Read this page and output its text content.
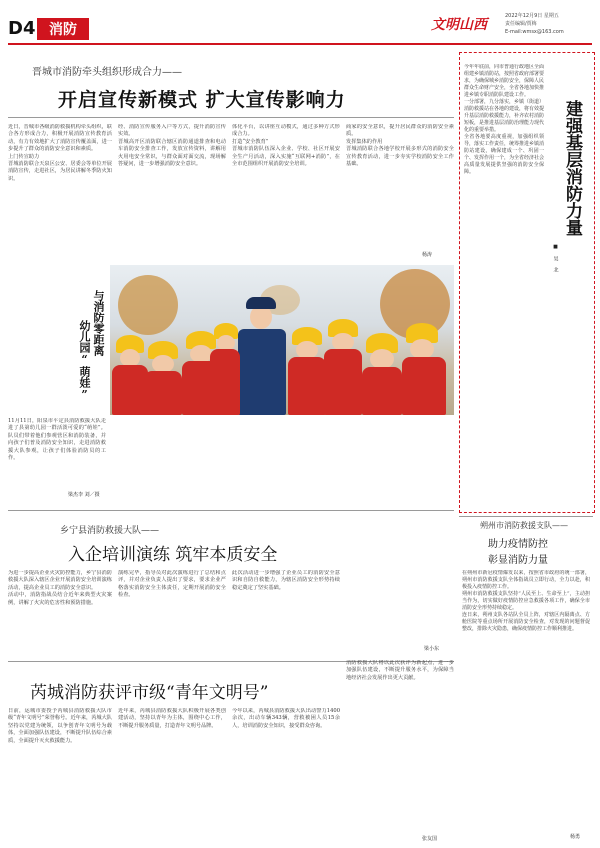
D4 消防	文明山西
2022年12月9日 星期五
责任编辑/贾梅
E-mail:wmsx@163.com
晋城市消防牵头组织形成合力——
开启宣传新模式 扩大宣传影响力
近日，晋城市各级消防救援机构牵头组织，联合各方形成合力，积极开展消防宣传教育活动，有力有效地扩大了消防宣传覆盖面，进一步提升了群众的消防安全意识和素质。
上门传宣助力
晋城消防联合天泉区公安、居委会等单位开展消防宣传，走进社区，为居民讲解冬季防火知识。
经、消防宣传服务入户等方式，提升消防宣传实效。
晋城高开区消防联合辖区消防通道排查和电动车消防安全排查工作，发放宣传资料，讲解用火用电安全常识，与群众面对面交流，现场解答疑问，进一步增强消防安全意识。
体化平台，以讲座互动模式，通过多种方式形成合力。
打造“安全教育”
晋城市消防队伍深入企业、学校、社区开展安全生产月活动，深入实施“互联网+消防”，在全市范围组织开展消防安全培训。
商家的安全意识，提升居民群众的消防安全素质。
发挥集体的作用
晋城消防联合各地学校开展多形式的消防安全宣传教育活动，进一步夯实学校消防安全工作基础。
杨涛
与消防零距离
幼儿园“萌娃”
11月11日，阳泉市平定县消防救援大队走进了县第幼儿园一群活泼可爱的“萌娃”。队员们带着他们参观营区和消防装备，并向孩子们普及消防安全知识，走进消防救援大队参观，让孩子们体验消防员的工作。
梁杰李 刘／摄
乡宁县消防救援大队——
入企培训演练 筑牢本质安全
为进一步提高企业火灾防控能力，乡宁县消防救援大队深入辖区企业开展消防安全培训演练活动，提高企业员工的消防安全意识。
活动中，消防指战员结合近年来典型火灾案例，讲解了火灾的危害性和预防措施。
演练完毕，指导员对此次演练进行了总结和点评，并对企业负责人提出了要求，要求企业严格落实消防安全主体责任，定期开展消防安全检查。
此次活动进一步增强了企业员工的消防安全意识和自防自救能力，为辖区消防安全形势持续稳定奠定了坚实基础。
梁小东
芮城消防获评市级“青年文明号”
日前，运城市委授予芮城县消防救援大队市级“青年文明号”荣誉称号。近年来，芮城大队坚持以党建为统领，以争创青年文明号为载体，全面加强队伍建设，不断提升队伍综合素质，全面提升灭火救援能力。
近年来，芮城县消防救援大队积极开展各类创建活动，坚持以青年为主体，围绕中心工作，不断提升服务质量，打造青年文明号品牌。
今年以来，芮城县消防救援大队出动警力1400余次，出动车辆343辆，营救被困人员15余人，培训消防安全知识，接受群众咨询。
消防救援大队将以此次获评为新起点，进一步加强队伍建设，不断提升服务水平，为保障当地经济社会发展作出更大贡献。
张友国
建强基层消防力量
■ 昊 北
今年年底前，同市普通行政地区全面组建乡镇消防站，按照省政府部署要求，为确保城乡消防安全，保障人民群众生命财产安全，全省各地加快推进乡镇专职消防队建设工作。
一分部署，九分落实，乡镇（街道）消防救援站在各地的建设，将有效提升基层消防救援能力，补齐农村消防短板，是推进基层消防治理能力现代化的重要举措。
全省各地要高度重视，加强组织领导，落实工作责任，统筹推进乡镇消防站建设，确保建成一个、巩固一个、发挥作用一个，为全省经济社会高质量发展提供坚强的消防安全保障。
朔州市消防救援支队——
助力疫情防控
彰显消防力量
在朔州市新冠疫情爆发以来，按照省市政府的统一部署，朔州市消防救援支队全体指战员立即行动，全力以赴，积极投入疫情防控工作。
朔州市消防救援支队坚持“人民至上、生命至上”，主动担当作为，切实做好疫情防控应急救援各项工作，确保全市消防安全形势持续稳定。
连日来，朔州支队各站队全员上阵，对辖区内隔离点、方舱医院等重点场所开展消防安全检查，对发现的问题督促整改，排除火灾隐患，确保疫情防控工作顺利推进。
杨勇
